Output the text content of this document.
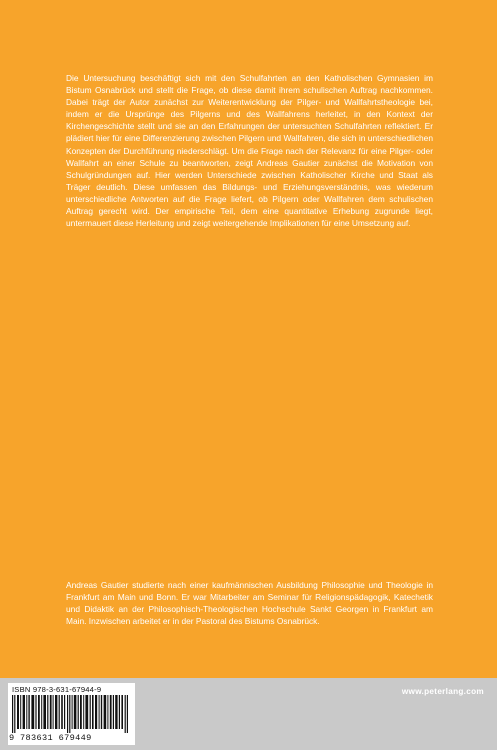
Die Untersuchung beschäftigt sich mit den Schulfahrten an den Katholischen Gymnasien im Bistum Osnabrück und stellt die Frage, ob diese damit ihrem schulischen Auftrag nachkommen. Dabei trägt der Autor zunächst zur Weiterentwicklung der Pilger- und Wallfahrtstheologie bei, indem er die Ursprünge des Pilgerns und des Wallfahrens herleitet, in den Kontext der Kirchengeschichte stellt und sie an den Erfahrungen der untersuchten Schulfahrten reflektiert. Er plädiert hier für eine Differenzierung zwischen Pilgern und Wallfahren, die sich in unterschiedlichen Konzepten der Durchführung niederschlägt. Um die Frage nach der Relevanz für eine Pilger- oder Wallfahrt an einer Schule zu beantworten, zeigt Andreas Gautier zunächst die Motivation von Schulgründungen auf. Hier werden Unterschiede zwischen Katholischer Kirche und Staat als Träger deutlich. Diese umfassen das Bildungs- und Erziehungsverständnis, was wiederum unterschiedliche Antworten auf die Frage liefert, ob Pilgern oder Wallfahren dem schulischen Auftrag gerecht wird. Der empirische Teil, dem eine quantitative Erhebung zugrunde liegt, untermauert diese Herleitung und zeigt weitergehende Implikationen für eine Umsetzung auf.

Andreas Gautier studierte nach einer kaufmännischen Ausbildung Philosophie und Theologie in Frankfurt am Main und Bonn. Er war Mitarbeiter am Seminar für Religionspädagogik, Katechetik und Didaktik an der Philosophisch-Theologischen Hochschule Sankt Georgen in Frankfurt am Main. Inzwischen arbeitet er in der Pastoral des Bistums Osnabrück.

ISBN 978-3-631-67944-9
9 783631 679449
www.peterlang.com
